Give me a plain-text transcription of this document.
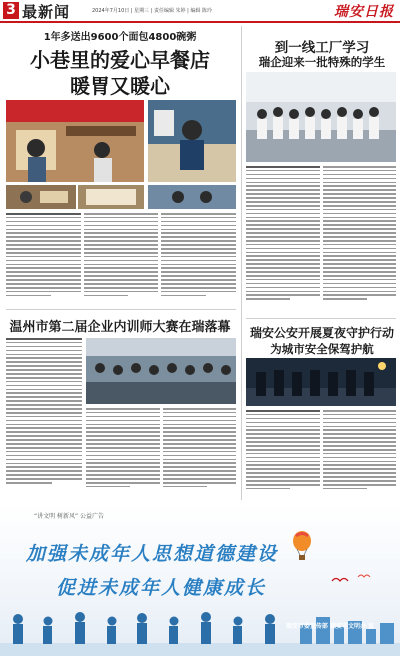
3 最新闻	2024年7月10日 | 星期三 | 责任编辑 朱婷 | 编辑 陈玲	瑞安日报
1年多送出9600个面包4800碗粥
小巷里的爱心早餐店
暖胃又暖心
到一线工厂学习
瑞企迎来一批特殊的学生
温州市第二届企业内训师大赛在瑞落幕	瑞安公安开展夏夜守护行动
为城市安全保驾护航
“讲文明 树新风” 公益广告
加强未成年人思想道德建设
促进未成年人健康成长
瑞安市委宣传部 瑞安市文明办 宣
